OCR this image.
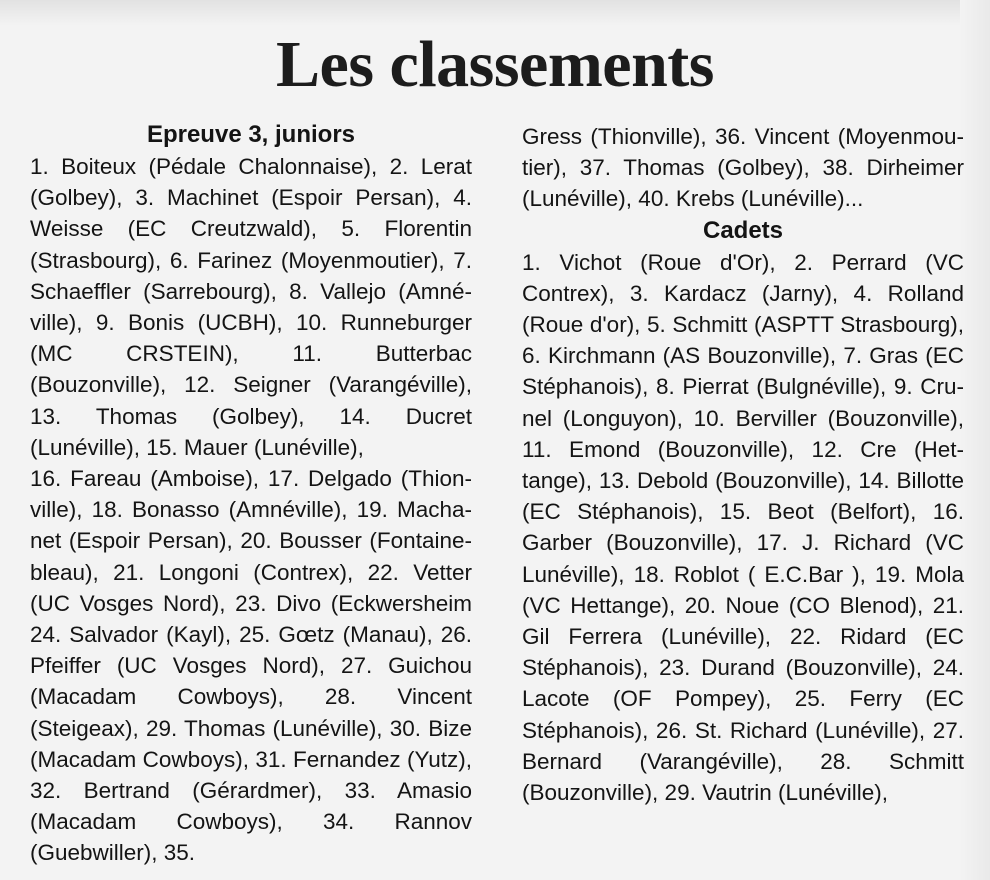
Les classements
Epreuve 3, juniors

1. Boiteux (Pédale Chalonnaise), 2. Lerat (Golbey), 3. Machinet (Espoir Persan), 4. Weisse (EC Creutzwald), 5. Florentin (Strasbourg), 6. Farinez (Moyenmoutier), 7. Schaeffler (Sarrebourg), 8. Vallejo (Amnéville), 9. Bonis (UCBH), 10. Runneburger (MC CRSTEIN), 11. Butterbac (Bouzonville), 12. Seigner (Varangéville), 13. Thomas (Golbey), 14. Ducret (Lunéville), 15. Mauer (Lunéville),

16. Fareau (Amboise), 17. Delgado (Thionville), 18. Bonasso (Amnéville), 19. Machanet (Espoir Persan), 20. Bousser (Fontainebleau), 21. Longoni (Contrex), 22. Vetter (UC Vosges Nord), 23. Divo (Eckwersheim 24. Salvador (Kayl), 25. Gœtz (Manau), 26. Pfeiffer (UC Vosges Nord), 27. Guichou (Macadam Cowboys), 28. Vincent (Steigeax), 29. Thomas (Lunéville), 30. Bize (Macadam Cowboys), 31. Fernandez (Yutz), 32. Bertrand (Gérardmer), 33. Amasio (Macadam Cowboys), 34. Rannov (Guebwiller), 35.

Gress (Thionville), 36. Vincent (Moyenmoutier), 37. Thomas (Golbey), 38. Dirheimer (Lunéville), 40. Krebs (Lunéville)...

Cadets

1. Vichot (Roue d'Or), 2. Perrard (VC Contrex), 3. Kardacz (Jarny), 4. Rolland (Roue d'or), 5. Schmitt (ASPTT Strasbourg), 6. Kirchmann (AS Bouzonville), 7. Gras (EC Stéphanois), 8. Pierrat (Bulgnéville), 9. Crunel (Longuyon), 10. Berviller (Bouzonville), 11. Emond (Bouzonville), 12. Cre (Hettange), 13. Debold (Bouzonville), 14. Billotte (EC Stéphanois), 15. Beot (Belfort), 16. Garber (Bouzonville), 17. J. Richard (VC Lunéville), 18. Roblot ( E.C.Bar ), 19. Mola (VC Hettange), 20. Noue (CO Blenod), 21. Gil Ferrera (Lunéville), 22. Ridard (EC Stéphanois), 23. Durand (Bouzonville), 24. Lacote (OF Pompey), 25. Ferry (EC Stéphanois), 26. St. Richard (Lunéville), 27. Bernard (Varangéville), 28. Schmitt (Bouzonville), 29. Vautrin (Lunéville),
